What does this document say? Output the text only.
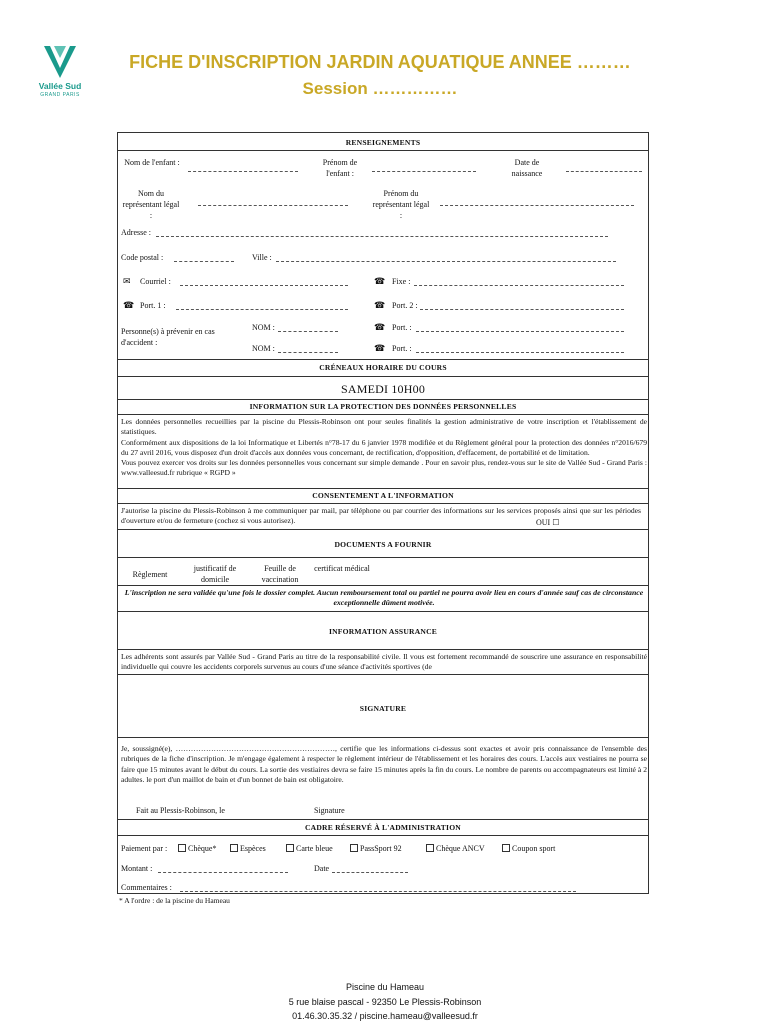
Vallée Sud
GRAND PARIS
FICHE D'INSCRIPTION JARDIN AQUATIQUE ANNEE ………
Session ……………
RENSEIGNEMENTS
Nom de l'enfant :	Prénom de l'enfant :
Date de naissance
Nom du représentant légal :
Prénom du représentant légal :
Adresse :
Code postal :	Ville :
✉ Courriel :	☎ Fixe :
☎ Port. 1 :	☎ Port. 2 :
Personne(s) à prévenir en cas d'accident :
NOM :	☎ Port. :
NOM :	☎ Port. :
CRÉNEAUX HORAIRE DU COURS
SAMEDI 10H00
INFORMATION SUR LA PROTECTION DES DONNÉES PERSONNELLES
Les données personnelles recueillies par la piscine du Plessis-Robinson ont pour seules finalités la gestion administrative de votre inscription et l'établissement de statistiques.
Conformément aux dispositions de la loi Informatique et Libertés n°78-17 du 6 janvier 1978 modifiée et du Règlement général pour la protection des données n°2016/679 du 27 avril 2016, vous disposez d'un droit d'accès aux données vous concernant, de rectification, d'opposition, d'effacement, de portabilité et de limitation.
Vous pouvez exercer vos droits sur les données personnelles vous concernant sur simple demande . Pour en savoir plus, rendez-vous sur le site de Vallée Sud - Grand Paris : www.valleesud.fr rubrique « RGPD »
CONSENTEMENT A L'INFORMATION
J'autorise la piscine du Plessis-Robinson à me communiquer par mail, par téléphone ou par courrier des informations sur les services proposés ainsi que sur les périodes d'ouverture et/ou de fermeture (cochez si vous autorisez).	OUI ☐
DOCUMENTS A FOURNIR
Règlement
justificatif de domicile
Feuille de vaccination
certificat médical
L'inscription ne sera validée qu'une fois le dossier complet. Aucun remboursement total ou partiel ne pourra avoir lieu en cours d'année sauf cas de circonstance exceptionnelle dûment motivée.
INFORMATION ASSURANCE
Les adhérents sont assurés par Vallée Sud - Grand Paris au titre de la responsabilité civile. Il vous est fortement recommandé de souscrire une assurance en responsabilité individuelle qui couvre les accidents corporels survenus au cours d'une séance d'activités sportives (de
SIGNATURE
Je, soussigné(e), ………………………………………………………, certifie que les informations ci-dessus sont exactes et avoir pris connaissance de l'ensemble des rubriques de la fiche d'inscription. Je m'engage également à respecter le règlement intérieur de l'établissement et les horaires des cours. L'accès aux vestiaires ne pourra se faire que 15 minutes avant le début du cours. La sortie des vestiaires devra se faire 15 minutes après la fin du cours. Le nombre de parents ou accompagnateurs est limité à 2 adultes. le port d'un maillot de bain et d'un bonnet de bain est obligatoire.
Fait au Plessis-Robinson, le	Signature
CADRE RÉSERVÉ À L'ADMINISTRATION
Paiement par :	Chèque*	Espèces	Carte bleue	PassSport 92	Chèque ANCV	Coupon sport
Montant :	Date
Commentaires :
* A l'ordre : de la piscine du Hameau
Piscine du Hameau
5 rue blaise pascal - 92350 Le Plessis-Robinson
01.46.30.35.32 / piscine.hameau@valleesud.fr
